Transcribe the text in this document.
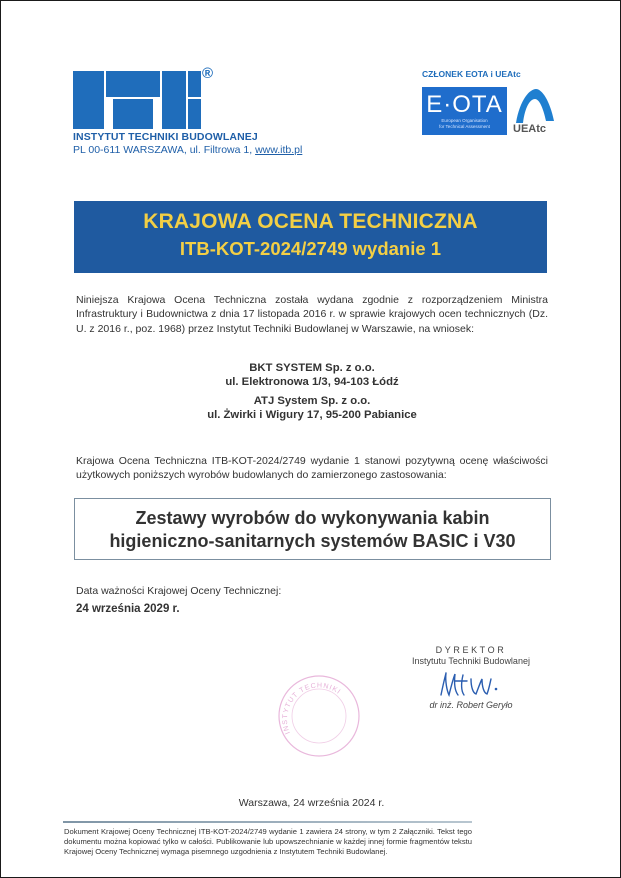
®
INSTYTUT TECHNIKI BUDOWLANEJ
PL 00-611 WARSZAWA, ul. Filtrowa 1, www.itb.pl
CZŁONEK EOTA i UEAtc
E·OTA
European Organisation
for Technical Assessment	UEAtc
KRAJOWA OCENA TECHNICZNA
ITB-KOT-2024/2749 wydanie 1
Niniejsza Krajowa Ocena Techniczna została wydana zgodnie z rozporządzeniem Ministra Infrastruktury i Budownictwa z dnia 17 listopada 2016 r. w sprawie krajowych ocen technicznych (Dz. U. z 2016 r., poz. 1968) przez Instytut Techniki Budowlanej w Warszawie, na wniosek:
BKT SYSTEM Sp. z o.o.
ul. Elektronowa 1/3, 94-103 Łódź
ATJ System Sp. z o.o.
ul. Żwirki i Wigury 17, 95-200 Pabianice
Krajowa Ocena Techniczna ITB-KOT-2024/2749 wydanie 1 stanowi pozytywną ocenę właściwości użytkowych poniższych wyrobów budowlanych do zamierzonego zastosowania:
Zestawy wyrobów do wykonywania kabin
higieniczno-sanitarnych systemów BASIC i V30
Data ważności Krajowej Oceny Technicznej:
24 września 2029 r.
INSTYTUT TECHNIKI
DYREKTOR
Instytutu Techniki Budowlanej
dr inż. Robert Geryło
Warszawa, 24 września 2024 r.
Dokument Krajowej Oceny Technicznej ITB-KOT-2024/2749 wydanie 1 zawiera 24 strony, w tym 2 Załączniki. Tekst tego dokumentu można kopiować tylko w całości. Publikowanie lub upowszechnianie w każdej innej formie fragmentów tekstu Krajowej Oceny Technicznej wymaga pisemnego uzgodnienia z Instytutem Techniki Budowlanej.
